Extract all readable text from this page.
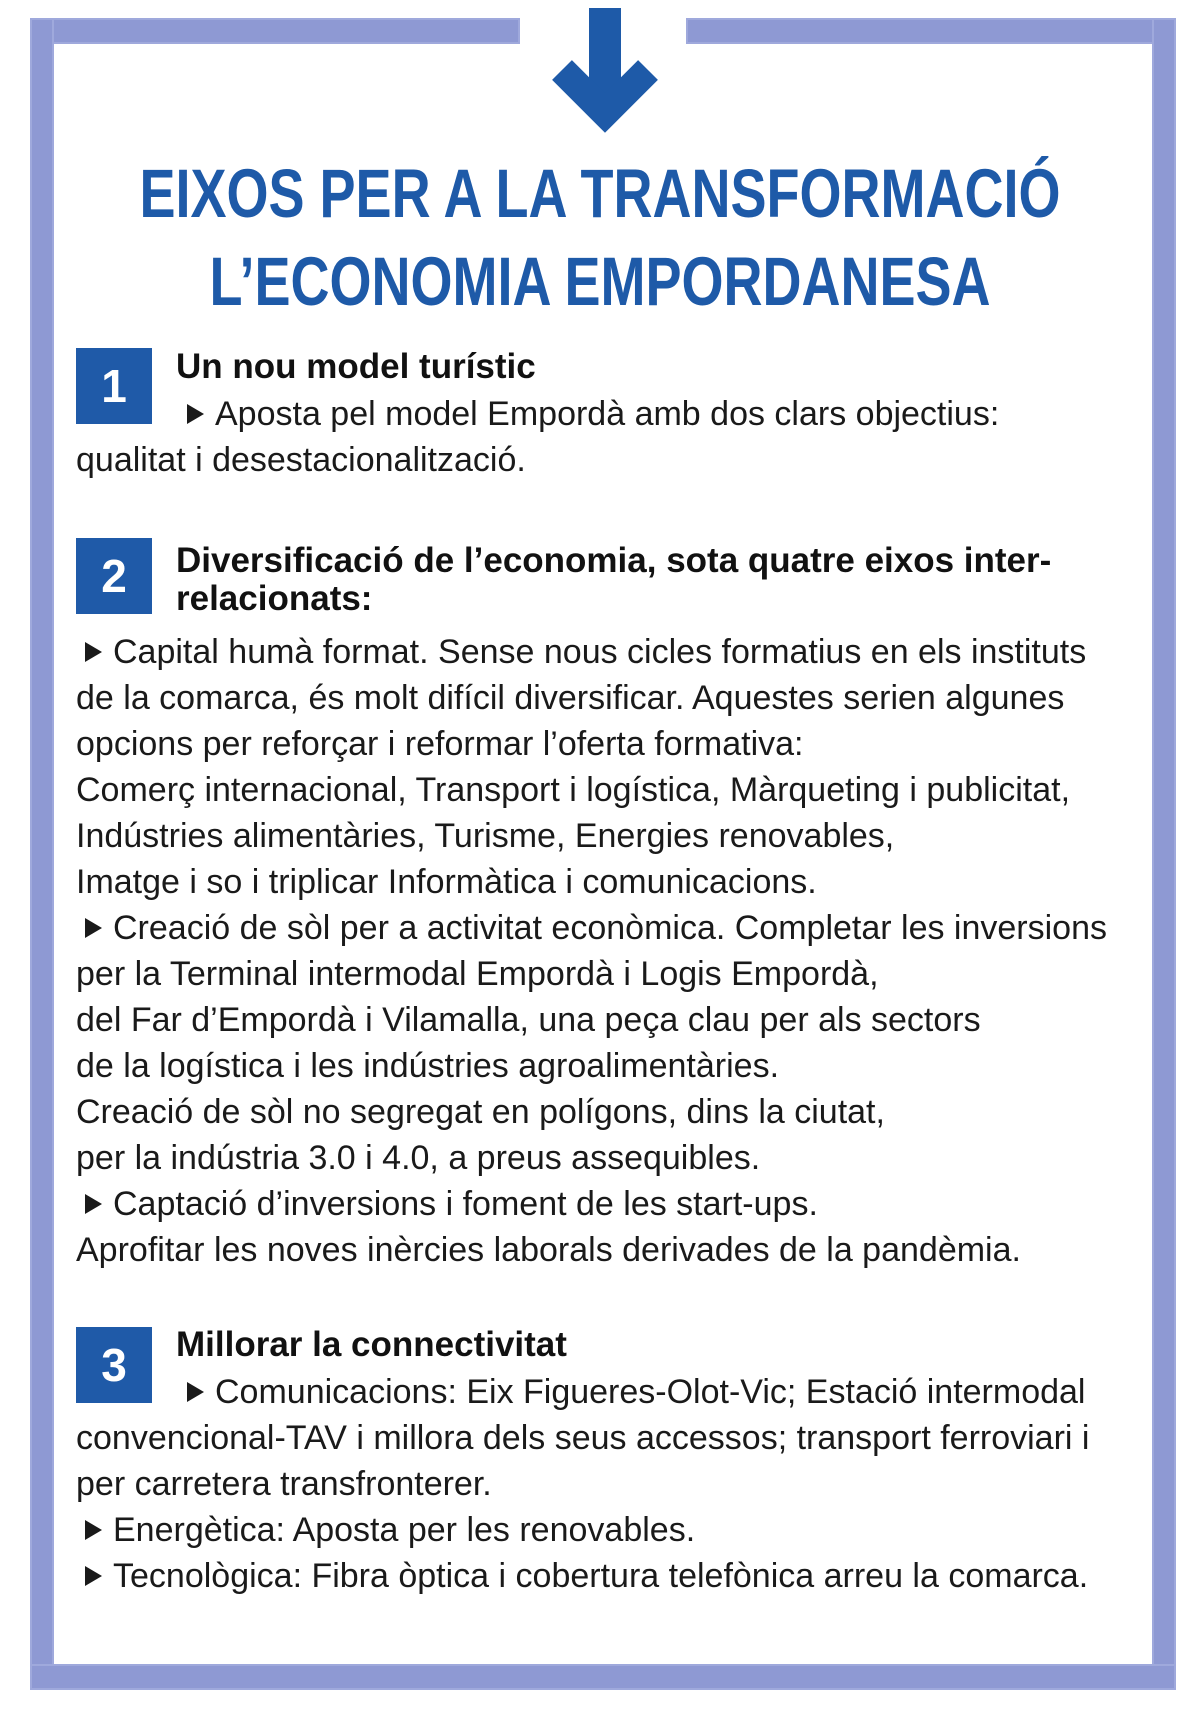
EIXOS PER A LA TRANSFORMACIÓ
L’ECONOMIA EMPORDANESA
1	Un nou model turístic
Aposta pel model Empordà amb dos clars objectius:
qualitat i desestacionalització.
2	Diversificació de l’economia, sota quatre eixos inter-
relacionats:
Capital humà format. Sense nous cicles formatius en els instituts
de la comarca, és molt difícil diversificar. Aquestes serien algunes
opcions per reforçar i reformar l’oferta formativa:
Comerç internacional, Transport i logística, Màrqueting i publicitat,
Indústries alimentàries, Turisme, Energies renovables,
Imatge i so i triplicar Informàtica i comunicacions.
Creació de sòl per a activitat econòmica. Completar les inversions
per la Terminal intermodal Empordà i Logis Empordà,
del Far d’Empordà i Vilamalla, una peça clau per als sectors
de la logística i les indústries agroalimentàries.
Creació de sòl no segregat en polígons, dins la ciutat,
per la indústria 3.0 i 4.0, a preus assequibles.
Captació d’inversions i foment de les start-ups.
Aprofitar les noves inèrcies laborals derivades de la pandèmia.
3	Millorar la connectivitat
Comunicacions: Eix Figueres-Olot-Vic; Estació intermodal
convencional-TAV i millora dels seus accessos; transport ferroviari i
per carretera transfronterer.
Energètica: Aposta per les renovables.
Tecnològica: Fibra òptica i cobertura telefònica arreu la comarca.
